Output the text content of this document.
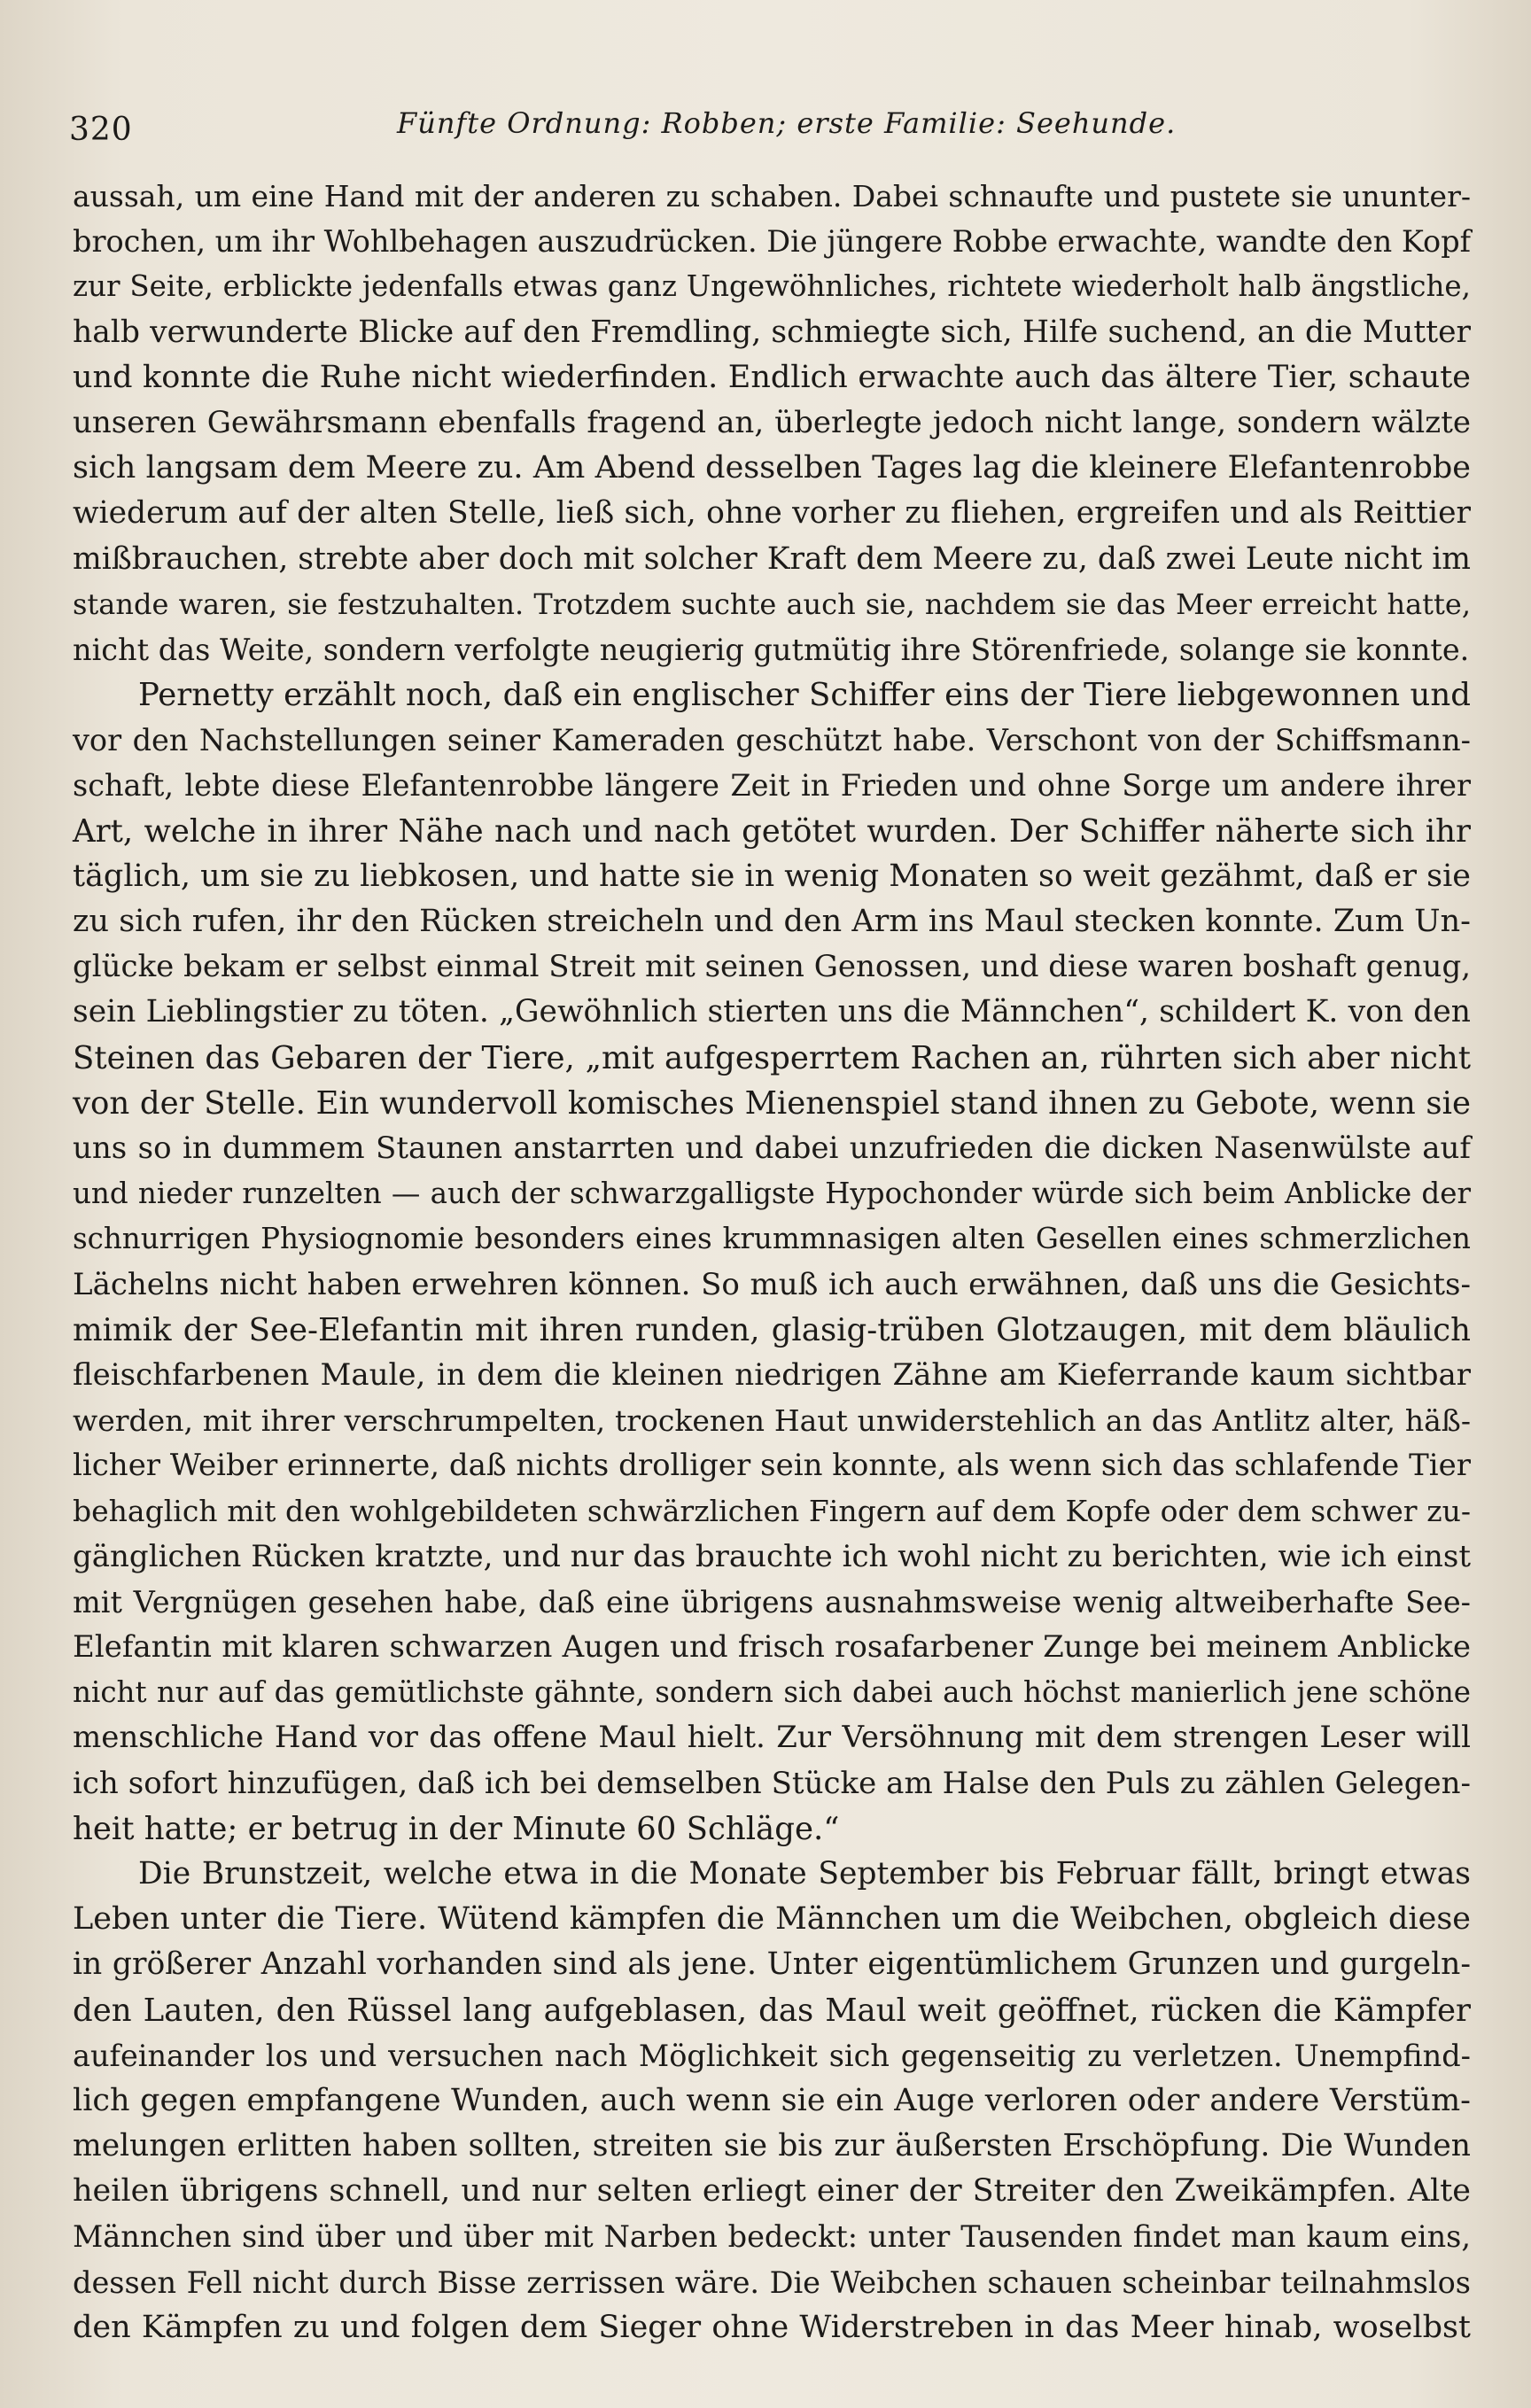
320	Fünfte Ordnung: Robben; erste Familie: Seehunde.
aussah, um eine Hand mit der anderen zu schaben. Dabei schnaufte und pustete sie ununter-
brochen, um ihr Wohlbehagen auszudrücken. Die jüngere Robbe erwachte, wandte den Kopf
zur Seite, erblickte jedenfalls etwas ganz Ungewöhnliches, richtete wiederholt halb ängstliche,
halb verwunderte Blicke auf den Fremdling, schmiegte sich, Hilfe suchend, an die Mutter
und konnte die Ruhe nicht wiederfinden. Endlich erwachte auch das ältere Tier, schaute
unseren Gewährsmann ebenfalls fragend an, überlegte jedoch nicht lange, sondern wälzte
sich langsam dem Meere zu. Am Abend desselben Tages lag die kleinere Elefantenrobbe
wiederum auf der alten Stelle, ließ sich, ohne vorher zu fliehen, ergreifen und als Reittier
mißbrauchen, strebte aber doch mit solcher Kraft dem Meere zu, daß zwei Leute nicht im
stande waren, sie festzuhalten. Trotzdem suchte auch sie, nachdem sie das Meer erreicht hatte,
nicht das Weite, sondern verfolgte neugierig gutmütig ihre Störenfriede, solange sie konnte.
Pernetty erzählt noch, daß ein englischer Schiffer eins der Tiere liebgewonnen und
vor den Nachstellungen seiner Kameraden geschützt habe. Verschont von der Schiffsmann-
schaft, lebte diese Elefantenrobbe längere Zeit in Frieden und ohne Sorge um andere ihrer
Art, welche in ihrer Nähe nach und nach getötet wurden. Der Schiffer näherte sich ihr
täglich, um sie zu liebkosen, und hatte sie in wenig Monaten so weit gezähmt, daß er sie
zu sich rufen, ihr den Rücken streicheln und den Arm ins Maul stecken konnte. Zum Un-
glücke bekam er selbst einmal Streit mit seinen Genossen, und diese waren boshaft genug,
sein Lieblingstier zu töten. „Gewöhnlich stierten uns die Männchen“, schildert K. von den
Steinen das Gebaren der Tiere, „mit aufgesperrtem Rachen an, rührten sich aber nicht
von der Stelle. Ein wundervoll komisches Mienenspiel stand ihnen zu Gebote, wenn sie
uns so in dummem Staunen anstarrten und dabei unzufrieden die dicken Nasenwülste auf
und nieder runzelten — auch der schwarzgalligste Hypochonder würde sich beim Anblicke der
schnurrigen Physiognomie besonders eines krummnasigen alten Gesellen eines schmerzlichen
Lächelns nicht haben erwehren können. So muß ich auch erwähnen, daß uns die Gesichts-
mimik der See-Elefantin mit ihren runden, glasig-trüben Glotzaugen, mit dem bläulich
fleischfarbenen Maule, in dem die kleinen niedrigen Zähne am Kieferrande kaum sichtbar
werden, mit ihrer verschrumpelten, trockenen Haut unwiderstehlich an das Antlitz alter, häß-
licher Weiber erinnerte, daß nichts drolliger sein konnte, als wenn sich das schlafende Tier
behaglich mit den wohlgebildeten schwärzlichen Fingern auf dem Kopfe oder dem schwer zu-
gänglichen Rücken kratzte, und nur das brauchte ich wohl nicht zu berichten, wie ich einst
mit Vergnügen gesehen habe, daß eine übrigens ausnahmsweise wenig altweiberhafte See-
Elefantin mit klaren schwarzen Augen und frisch rosafarbener Zunge bei meinem Anblicke
nicht nur auf das gemütlichste gähnte, sondern sich dabei auch höchst manierlich jene schöne
menschliche Hand vor das offene Maul hielt. Zur Versöhnung mit dem strengen Leser will
ich sofort hinzufügen, daß ich bei demselben Stücke am Halse den Puls zu zählen Gelegen-
heit hatte; er betrug in der Minute 60 Schläge.“
Die Brunstzeit, welche etwa in die Monate September bis Februar fällt, bringt etwas
Leben unter die Tiere. Wütend kämpfen die Männchen um die Weibchen, obgleich diese
in größerer Anzahl vorhanden sind als jene. Unter eigentümlichem Grunzen und gurgeln-
den Lauten, den Rüssel lang aufgeblasen, das Maul weit geöffnet, rücken die Kämpfer
aufeinander los und versuchen nach Möglichkeit sich gegenseitig zu verletzen. Unempfind-
lich gegen empfangene Wunden, auch wenn sie ein Auge verloren oder andere Verstüm-
melungen erlitten haben sollten, streiten sie bis zur äußersten Erschöpfung. Die Wunden
heilen übrigens schnell, und nur selten erliegt einer der Streiter den Zweikämpfen. Alte
Männchen sind über und über mit Narben bedeckt: unter Tausenden findet man kaum eins,
dessen Fell nicht durch Bisse zerrissen wäre. Die Weibchen schauen scheinbar teilnahmslos
den Kämpfen zu und folgen dem Sieger ohne Widerstreben in das Meer hinab, woselbst
